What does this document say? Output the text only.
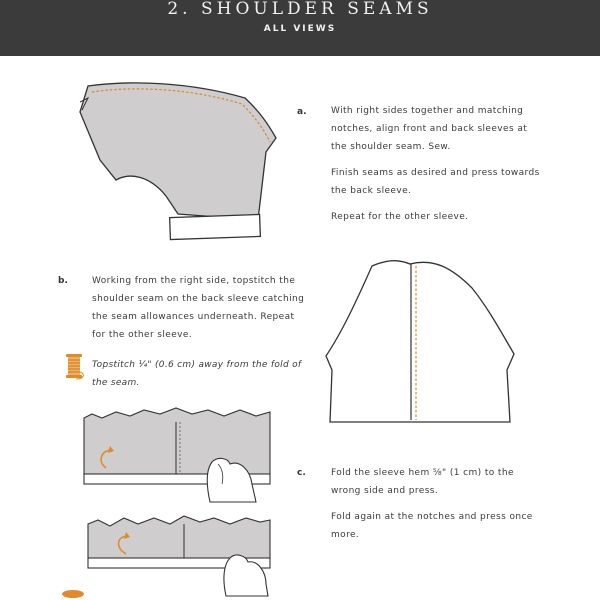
2. SHOULDER SEAMS
ALL VIEWS
a.	With right sides together and matching notches, align front and back sleeves at the shoulder seam. Sew.

Finish seams as desired and press towards the back sleeve.

Repeat for the other sleeve.

b.	Working from the right side, topstitch the shoulder seam on the back sleeve catching the seam allowances underneath. Repeat for the other sleeve.

Topstitch ¼" (0.6 cm) away from the fold of the seam.
c.	Fold the sleeve hem ⅝" (1 cm) to the wrong side and press.

Fold again at the notches and press once more.
